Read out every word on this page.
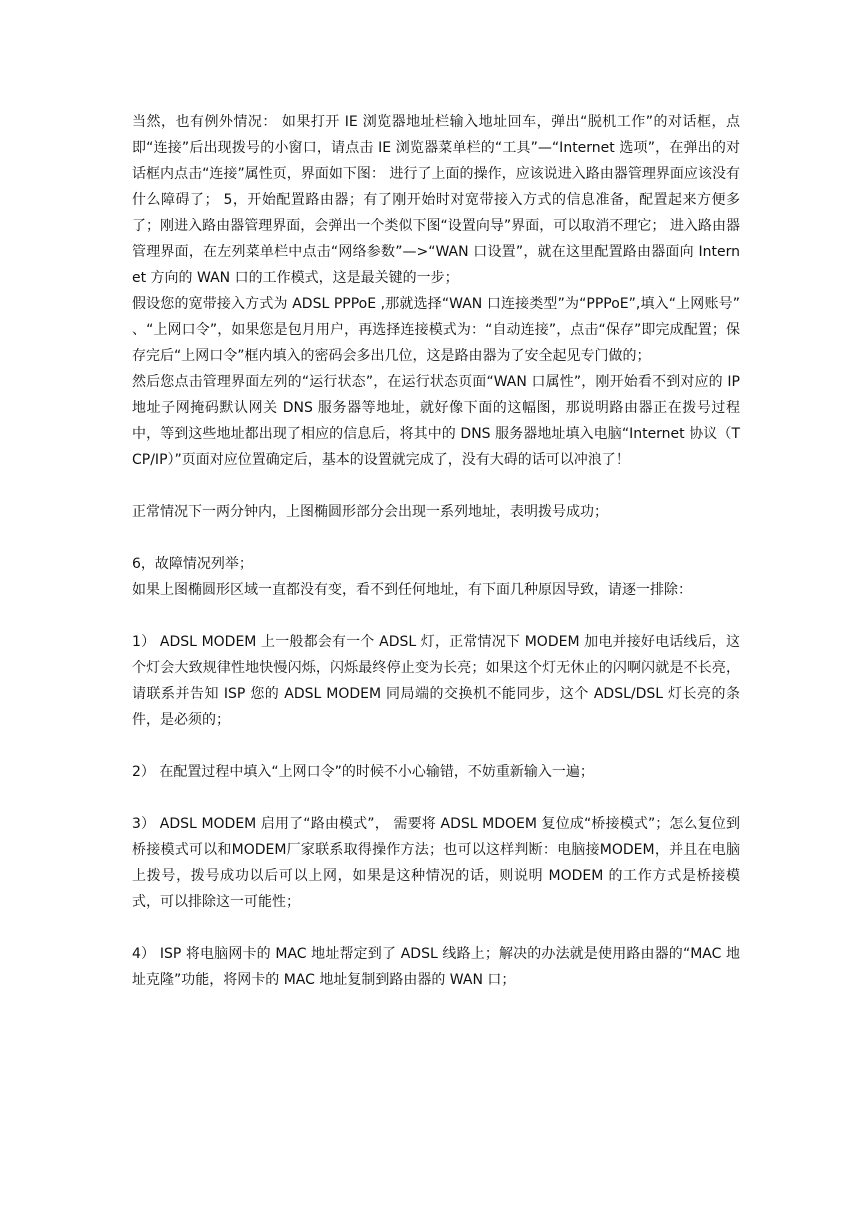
当然，也有例外情况： 如果打开 IE 浏览器地址栏输入地址回车，弹出“脱机工作”的对话框，点即“连接”后出现拨号的小窗口，请点击 IE 浏览器菜单栏的“工具”—“Internet 选项”，在弹出的对话框内点击“连接”属性页，界面如下图： 进行了上面的操作，应该说进入路由器管理界面应该没有什么障碍了； 5，开始配置路由器；有了刚开始时对宽带接入方式的信息准备，配置起来方便多了；刚进入路由器管理界面，会弹出一个类似下图“设置向导”界面，可以取消不理它； 进入路由器管理界面，在左列菜单栏中点击“网络参数”—>“WAN 口设置”，就在这里配置路由器面向 Internet 方向的 WAN 口的工作模式，这是最关键的一步；

假设您的宽带接入方式为 ADSL PPPoE ,那就选择“WAN 口连接类型”为“PPPoE”,填入“上网账号” 、“上网口令”，如果您是包月用户，再选择连接模式为：“自动连接”，点击“保存”即完成配置；保存完后“上网口令”框内填入的密码会多出几位，这是路由器为了安全起见专门做的；

然后您点击管理界面左列的“运行状态”，在运行状态页面“WAN 口属性”，刚开始看不到对应的 IP 地址子网掩码默认网关 DNS 服务器等地址，就好像下面的这幅图，那说明路由器正在拨号过程中，等到这些地址都出现了相应的信息后，将其中的 DNS 服务器地址填入电脑“Internet 协议（TCP/IP）”页面对应位置确定后，基本的设置就完成了，没有大碍的话可以冲浪了！

正常情况下一两分钟内，上图椭圆形部分会出现一系列地址，表明拨号成功；

6，故障情况列举；

如果上图椭圆形区域一直都没有变，看不到任何地址，有下面几种原因导致，请逐一排除：

1） ADSL MODEM 上一般都会有一个 ADSL 灯，正常情况下 MODEM 加电并接好电话线后，这个灯会大致规律性地快慢闪烁，闪烁最终停止变为长亮；如果这个灯无休止的闪啊闪就是不长亮，请联系并告知 ISP 您的 ADSL MODEM 同局端的交换机不能同步，这个 ADSL/DSL 灯长亮的条件，是必须的；

2） 在配置过程中填入“上网口令”的时候不小心输错，不妨重新输入一遍；

3） ADSL MODEM 启用了“路由模式”， 需要将 ADSL MDOEM 复位成“桥接模式”；怎么复位到桥接模式可以和MODEM厂家联系取得操作方法；也可以这样判断：电脑接MODEM，并且在电脑上拨号，拨号成功以后可以上网，如果是这种情况的话，则说明 MODEM 的工作方式是桥接模式，可以排除这一可能性；

4） ISP 将电脑网卡的 MAC 地址帮定到了 ADSL 线路上；解决的办法就是使用路由器的“MAC 地址克隆”功能，将网卡的 MAC 地址复制到路由器的 WAN 口；
